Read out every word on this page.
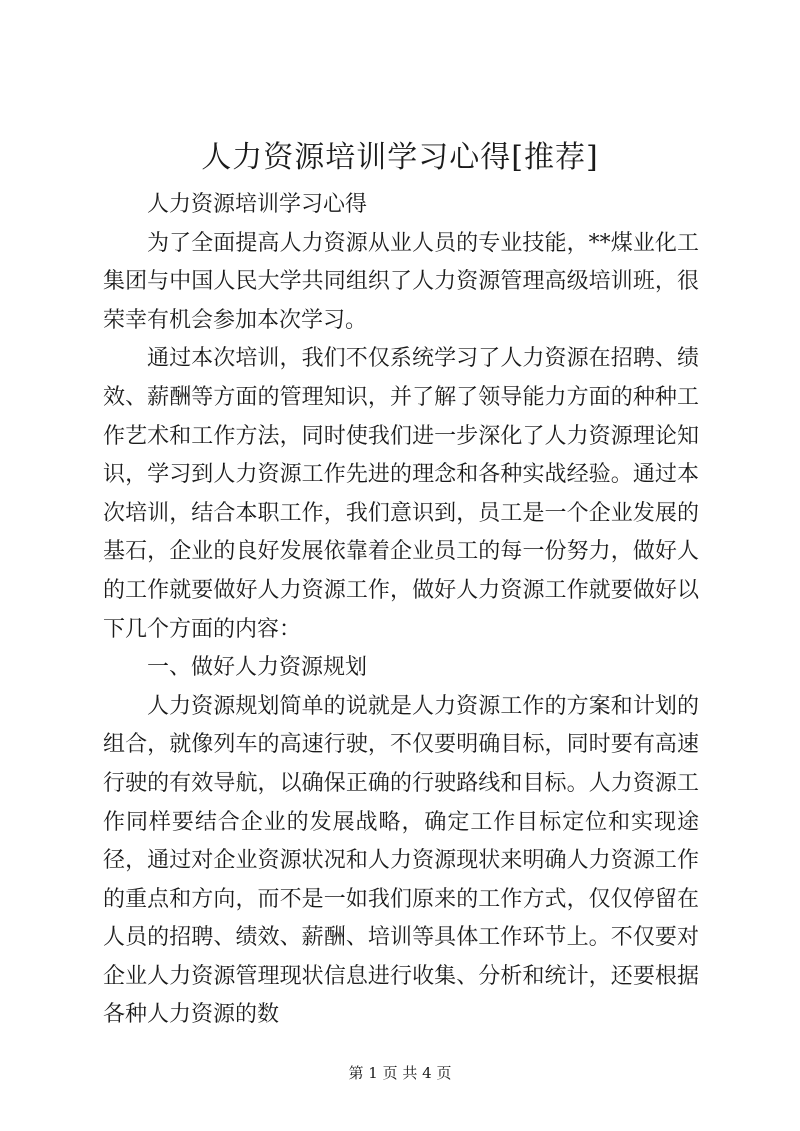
人力资源培训学习心得[推荐]

人力资源培训学习心得

为了全面提高人力资源从业人员的专业技能，**煤业化工集团与中国人民大学共同组织了人力资源管理高级培训班，很荣幸有机会参加本次学习。

通过本次培训，我们不仅系统学习了人力资源在招聘、绩效、薪酬等方面的管理知识，并了解了领导能力方面的种种工作艺术和工作方法，同时使我们进一步深化了人力资源理论知识，学习到人力资源工作先进的理念和各种实战经验。通过本次培训，结合本职工作，我们意识到，员工是一个企业发展的基石，企业的良好发展依靠着企业员工的每一份努力，做好人的工作就要做好人力资源工作，做好人力资源工作就要做好以下几个方面的内容：

一、做好人力资源规划

人力资源规划简单的说就是人力资源工作的方案和计划的组合，就像列车的高速行驶，不仅要明确目标，同时要有高速行驶的有效导航，以确保正确的行驶路线和目标。人力资源工作同样要结合企业的发展战略，确定工作目标定位和实现途径，通过对企业资源状况和人力资源现状来明确人力资源工作的重点和方向，而不是一如我们原来的工作方式，仅仅停留在人员的招聘、绩效、薪酬、培训等具体工作环节上。不仅要对企业人力资源管理现状信息进行收集、分析和统计，还要根据各种人力资源的数

第 1 页 共 4 页
